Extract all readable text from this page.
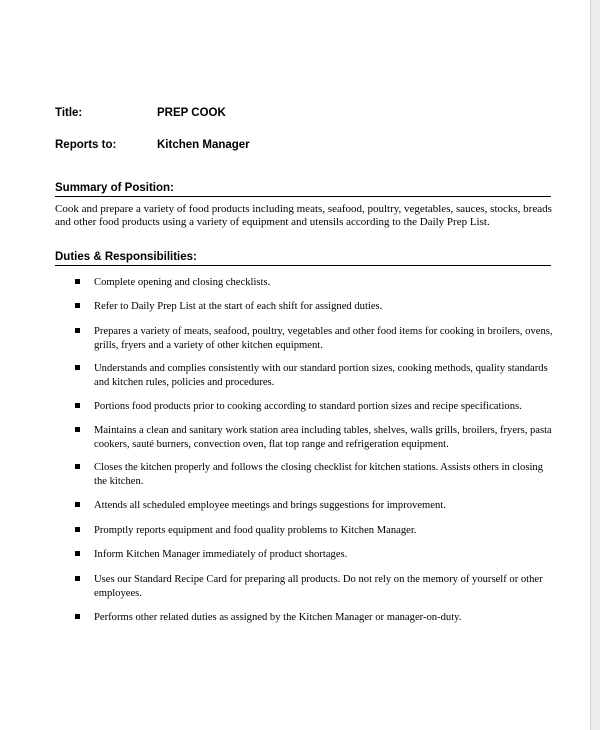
Title:	PREP COOK
Reports to:	Kitchen Manager
Summary of Position:
Cook and prepare a variety of food products including meats, seafood, poultry, vegetables, sauces, stocks, breads and other food products using a variety of equipment and utensils according to the Daily Prep List.
Duties & Responsibilities:
Complete opening and closing checklists.
Refer to Daily Prep List at the start of each shift for assigned duties.
Prepares a variety of meats, seafood, poultry, vegetables and other food items for cooking in broilers, ovens, grills, fryers and a variety of other kitchen equipment.
Understands and complies consistently with our standard portion sizes, cooking methods, quality standards and kitchen rules, policies and procedures.
Portions food products prior to cooking according to standard portion sizes and recipe specifications.
Maintains a clean and sanitary work station area including tables, shelves, walls grills, broilers, fryers, pasta cookers, sauté burners, convection oven, flat top range and refrigeration equipment.
Closes the kitchen properly and follows the closing checklist for kitchen stations. Assists others in closing the kitchen.
Attends all scheduled employee meetings and brings suggestions for improvement.
Promptly reports equipment and food quality problems to Kitchen Manager.
Inform Kitchen Manager immediately of product shortages.
Uses our Standard Recipe Card for preparing all products. Do not rely on the memory of yourself or other employees.
Performs other related duties as assigned by the Kitchen Manager or manager-on-duty.
